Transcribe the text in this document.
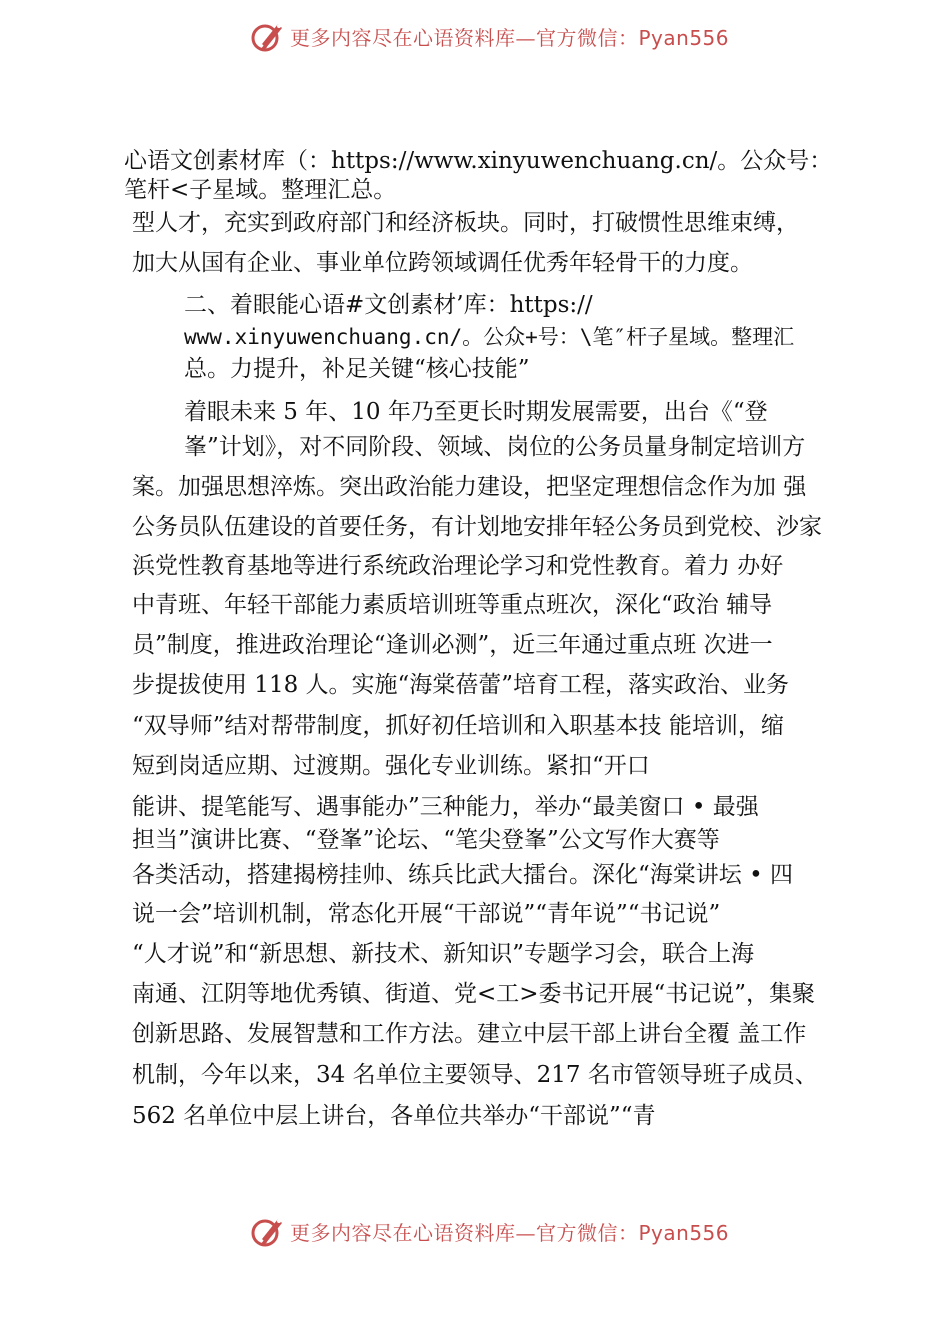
更多内容尽在心语资料库—官方微信：Pyan556
心语文创素材库（：https://www.xinyuwenchuang.cn/。公众号：
笔杆<子星域。整理汇总。
型人才，充实到政府部门和经济板块。同时，打破惯性思维束缚，
加大从国有企业、事业单位跨领域调任优秀年轻骨干的力度。
二、着眼能心语#文创素材’库：https://
www.xinyuwenchuang.cn/。公众+号：\笔″杆子星域。整理汇
总。力提升，补足关键“核心技能”
着眼未来 5 年、10 年乃至更长时期发展需要，出台《“登
峯”计划》，对不同阶段、领域、岗位的公务员量身制定培训方
案。加强思想淬炼。突出政治能力建设，把坚定理想信念作为加 强
公务员队伍建设的首要任务，有计划地安排年轻公务员到党校、沙家
浜党性教育基地等进行系统政治理论学习和党性教育。着力 办好
中青班、年轻干部能力素质培训班等重点班次，深化“政治 辅导
员”制度，推进政治理论“逢训必测”，近三年通过重点班 次进一
步提拔使用 118 人。实施“海棠蓓蕾”培育工程，落实政治、业务
“双导师”结对帮带制度，抓好初任培训和入职基本技 能培训，缩
短到岗适应期、过渡期。强化专业训练。紧扣“开口
能讲、提笔能写、遇事能办”三种能力，举办“最美窗口 • 最强
担当”演讲比赛、“登峯”论坛、“笔尖登峯”公文写作大赛等
各类活动，搭建揭榜挂帅、练兵比武大擂台。深化“海棠讲坛 • 四
说一会”培训机制，常态化开展“干部说”“青年说”“书记说”
“人才说”和“新思想、新技术、新知识”专题学习会，联合上海
南通、江阴等地优秀镇、街道、党<工>委书记开展“书记说”，集聚
创新思路、发展智慧和工作方法。建立中层干部上讲台全覆 盖工作
机制，今年以来，34 名单位主要领导、217 名市管领导班子成员、
562 名单位中层上讲台，各单位共举办“干部说”“青
更多内容尽在心语资料库—官方微信：Pyan556
